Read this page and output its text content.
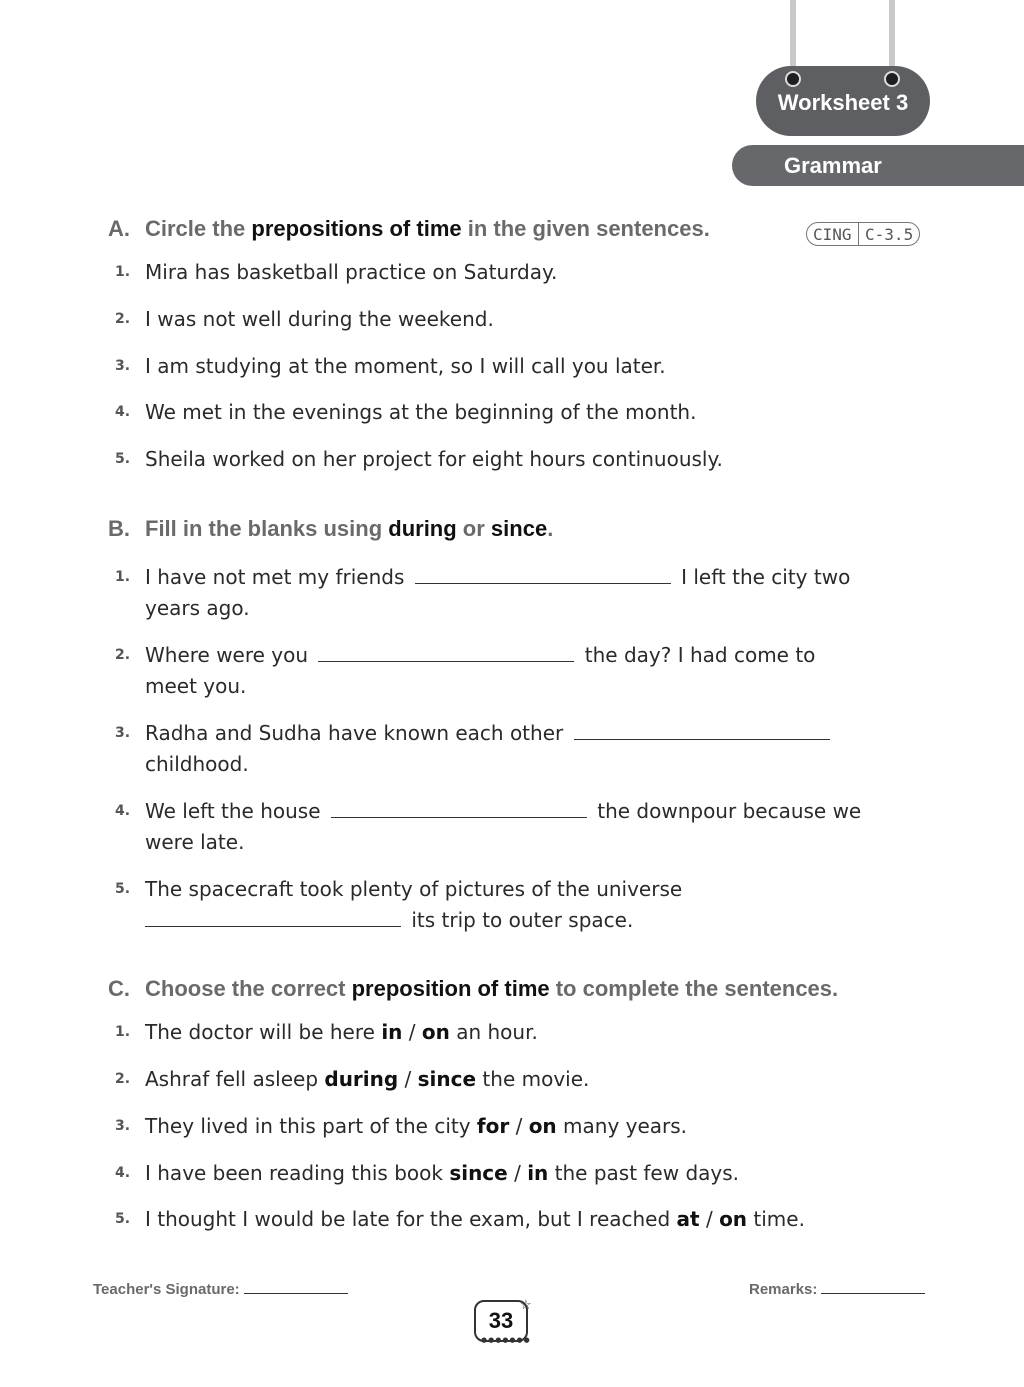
Worksheet 3
Grammar
A. Circle the prepositions of time in the given sentences.	CING C-3.5
1. Mira has basketball practice on Saturday.
2. I was not well during the weekend.
3. I am studying at the moment, so I will call you later.
4. We met in the evenings at the beginning of the month.
5. Sheila worked on her project for eight hours continuously.
B. Fill in the blanks using during or since.
1. I have not met my friends	I left the city two
years ago.
2. Where were you	the day? I had come to
meet you.
3. Radha and Sudha have known each other
childhood.
4. We left the house	the downpour because we
were late.
5. The spacecraft took plenty of pictures of the universe
its trip to outer space.
C. Choose the correct preposition of time to complete the sentences.
1. The doctor will be here in / on an hour.
2. Ashraf fell asleep during / since the movie.
3. They lived in this part of the city for / on many years.
4. I have been reading this book since / in the past few days.
5. I thought I would be late for the exam, but I reached at / on time.
Teacher's Signature:	Remarks:
33
☆
●●●●●●●
